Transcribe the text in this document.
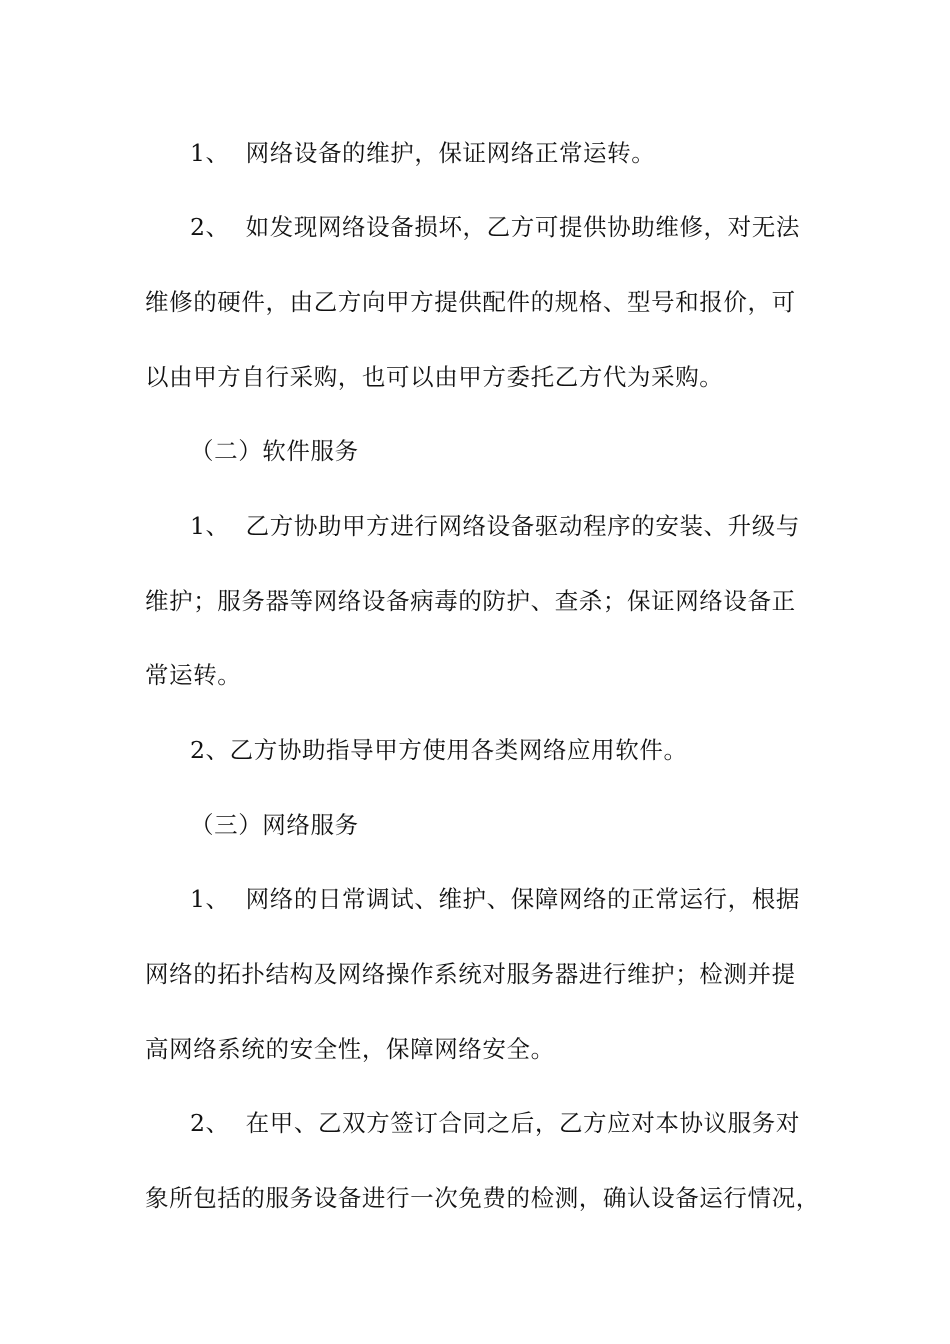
1、 网络设备的维护，保证网络正常运转。
2、 如发现网络设备损坏，乙方可提供协助维修，对无法
维修的硬件，由乙方向甲方提供配件的规格、型号和报价，可
以由甲方自行采购，也可以由甲方委托乙方代为采购。
（二）软件服务
1、 乙方协助甲方进行网络设备驱动程序的安装、升级与
维护；服务器等网络设备病毒的防护、查杀；保证网络设备正
常运转。
2、乙方协助指导甲方使用各类网络应用软件。
（三）网络服务
1、 网络的日常调试、维护、保障网络的正常运行，根据
网络的拓扑结构及网络操作系统对服务器进行维护；检测并提
高网络系统的安全性，保障网络安全。
2、 在甲、乙双方签订合同之后，乙方应对本协议服务对
象所包括的服务设备进行一次免费的检测，确认设备运行情况，
